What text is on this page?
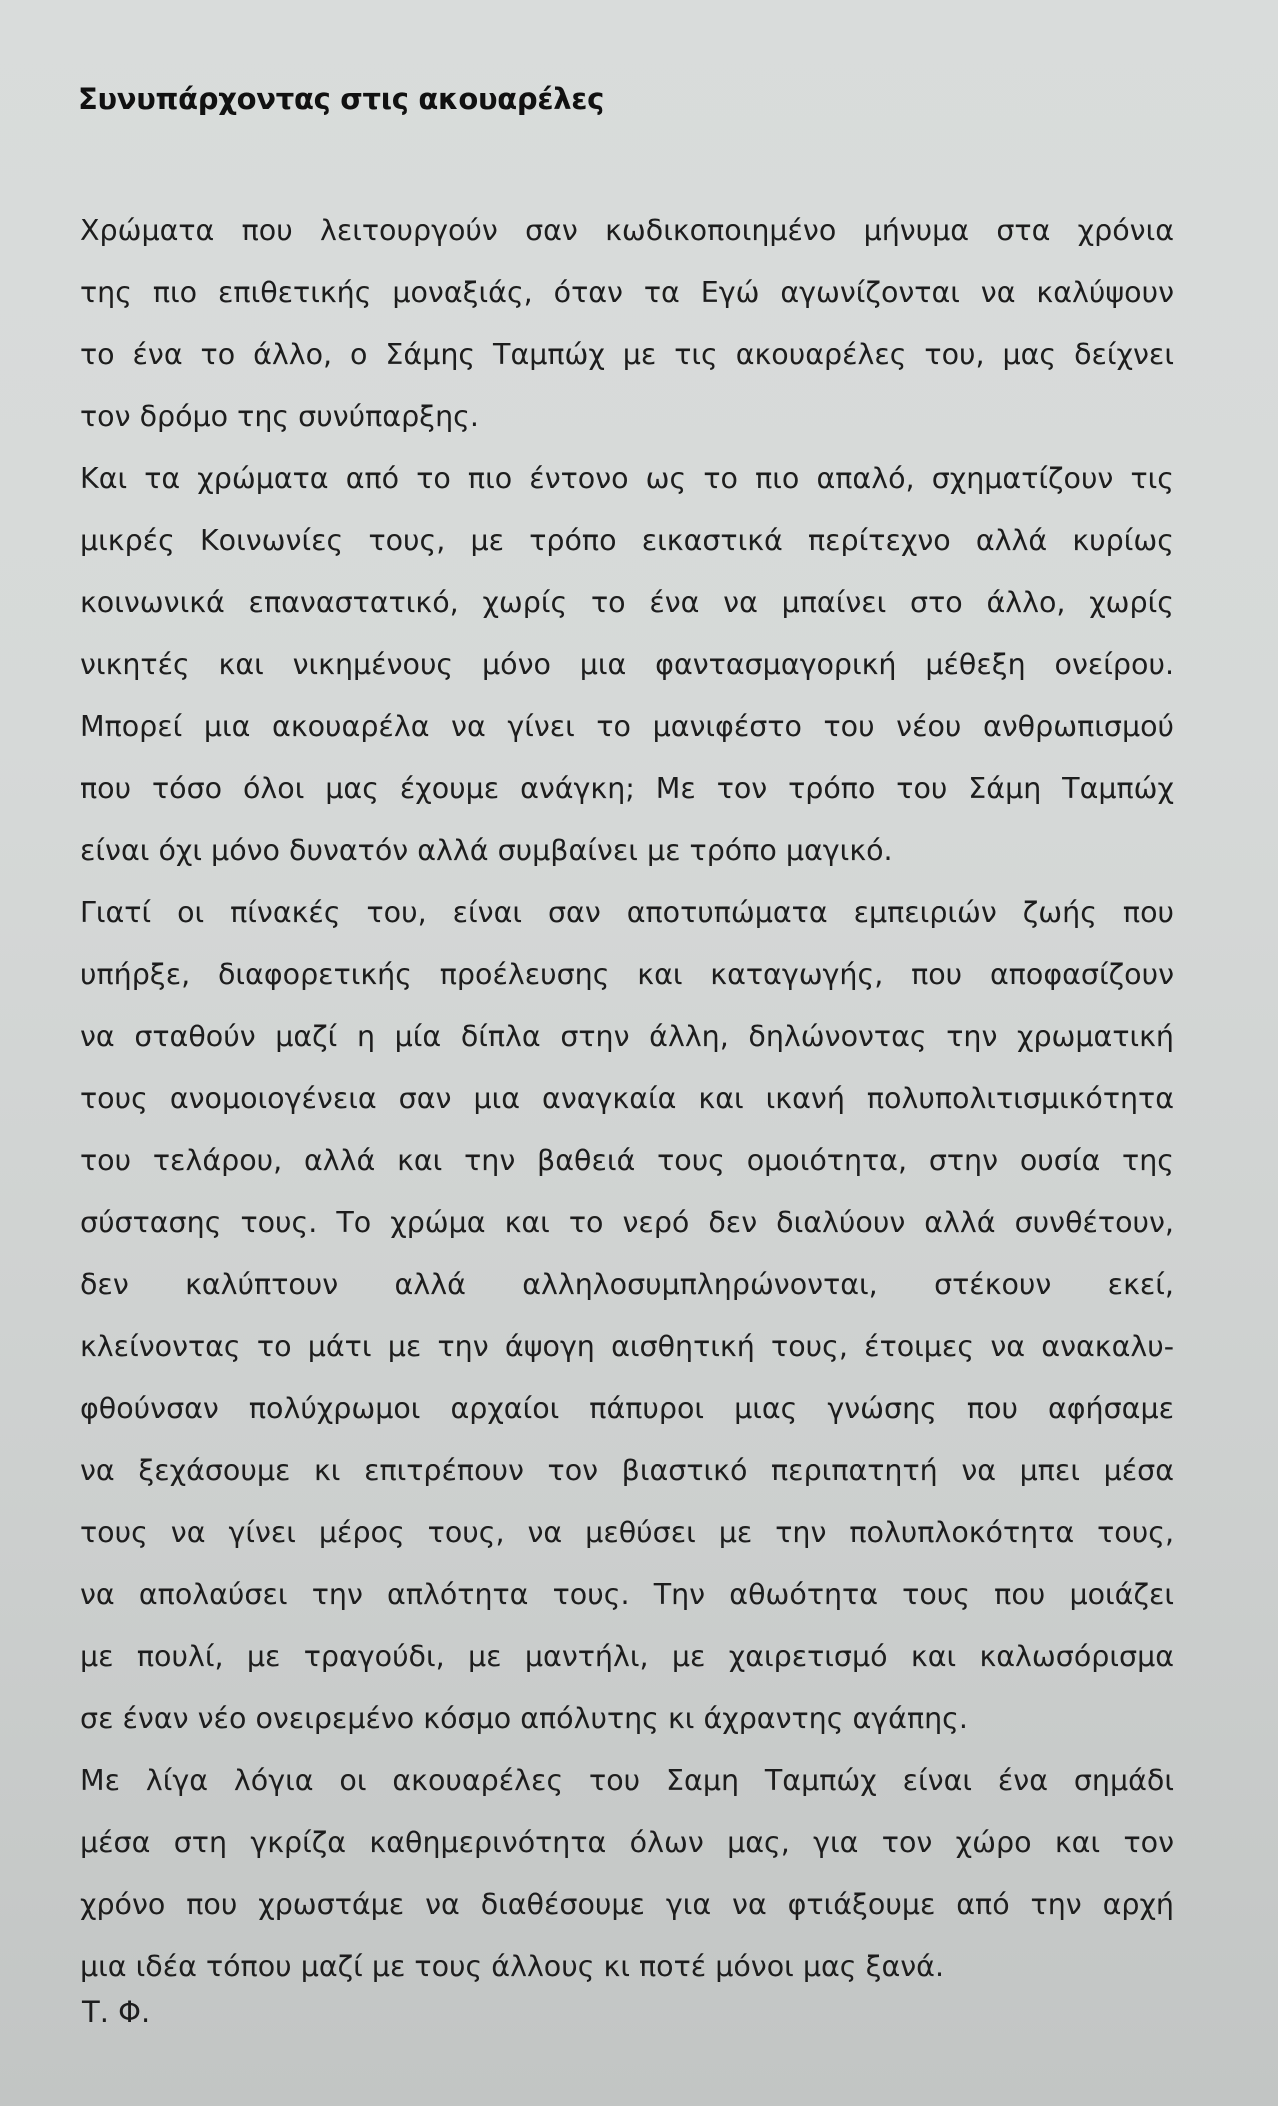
Συνυπάρχοντας στις ακουαρέλες
Χρώματα που λειτουργούν σαν κωδικοποιημένο μήνυμα στα χρόνια
της πιο επιθετικής μοναξιάς, όταν τα Εγώ αγωνίζονται να καλύψουν
το ένα το άλλο, ο Σάμης Ταμπώχ με τις ακουαρέλες του, μας δείχνει
τον δρόμο της συνύπαρξης.
Και τα χρώματα από το πιο έντονο ως το πιο απαλό, σχηματίζουν τις
μικρές Κοινωνίες τους, με τρόπο εικαστικά περίτεχνο αλλά κυρίως
κοινωνικά επαναστατικό, χωρίς το ένα να μπαίνει στο άλλο, χωρίς
νικητές και νικημένους μόνο μια φαντασμαγορική μέθεξη ονείρου.
Μπορεί μια ακουαρέλα να γίνει το μανιφέστο του νέου ανθρωπισμού
που τόσο όλοι μας έχουμε ανάγκη; Με τον τρόπο του Σάμη Ταμπώχ
είναι όχι μόνο δυνατόν αλλά συμβαίνει με τρόπο μαγικό.
Γιατί οι πίνακές του, είναι σαν αποτυπώματα εμπειριών ζωής που
υπήρξε, διαφορετικής προέλευσης και καταγωγής, που αποφασίζουν
να σταθούν μαζί η μία δίπλα στην άλλη, δηλώνοντας την χρωματική
τους ανομοιογένεια σαν μια αναγκαία και ικανή πολυπολιτισμικότητα
του τελάρου, αλλά και την βαθειά τους ομοιότητα, στην ουσία της
σύστασης τους. Το χρώμα και το νερό δεν διαλύουν αλλά συνθέτουν,
δεν καλύπτουν αλλά αλληλοσυμπληρώνονται, στέκουν εκεί,
κλείνοντας το μάτι με την άψογη αισθητική τους, έτοιμες να ανακαλυ-
φθούνσαν πολύχρωμοι αρχαίοι πάπυροι μιας γνώσης που αφήσαμε
να ξεχάσουμε κι επιτρέπουν τον βιαστικό περιπατητή να μπει μέσα
τους να γίνει μέρος τους, να μεθύσει με την πολυπλοκότητα τους,
να απολαύσει την απλότητα τους. Την αθωότητα τους που μοιάζει
με πουλί, με τραγούδι, με μαντήλι, με χαιρετισμό και καλωσόρισμα
σε έναν νέο ονειρεμένο κόσμο απόλυτης κι άχραντης αγάπης.
Με λίγα λόγια οι ακουαρέλες του Σαμη Ταμπώχ είναι ένα σημάδι
μέσα στη γκρίζα καθημερινότητα όλων μας, για τον χώρο και τον
χρόνο που χρωστάμε να διαθέσουμε για να φτιάξουμε από την αρχή
μια ιδέα τόπου μαζί με τους άλλους κι ποτέ μόνοι μας ξανά.

Τ. Φ.
